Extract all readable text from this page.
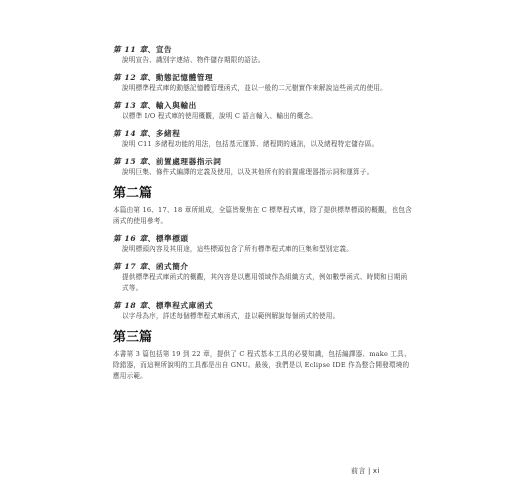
第 11 章、宣告
說明宣告、識別字連結、物件儲存期限的語法。
第 12 章、動態記憶體管理
說明標準程式庫的動態記憶體管理函式，並以一般的二元樹實作來解說這些函式的使用。
第 13 章、輸入與輸出
以標準 I/O 程式庫的使用概觀，說明 C 語言輸入、輸出的概念。
第 14 章、多緒程
說明 C11 多緒程功能的用法，包括基元運算、緒程間的通訊，以及緒程特定儲存區。
第 15 章、前置處理器指示詞
說明巨集、條件式編譯的定義及使用，以及其他所有的前置處理器指示詞和運算子。
第二篇
本篇由第 16、17、18 章所組成，全篇皆聚焦在 C 標準程式庫，除了提供標準標頭的概觀，也包含函式的使用參考。
第 16 章、標準標頭
說明標頭內容及其用途，這些標頭包含了所有標準程式庫的巨集和型別定義。
第 17 章、函式簡介
提供標準程式庫函式的概觀，其內容是以應用領域作為組織方式，例如數學函式、時間和日期函式等。
第 18 章、標準程式庫函式
以字母為序，詳述每個標準程式庫函式，並以範例解說每個函式的使用。
第三篇
本書第 3 篇包括第 19 到 22 章，提供了 C 程式基本工具的必要知識，包括編譯器、make 工具、除錯器，而這裡所說明的工具都是出自 GNU。最後，我們是以 Eclipse IDE 作為整合開發環境的應用示範。
前言 | xi
